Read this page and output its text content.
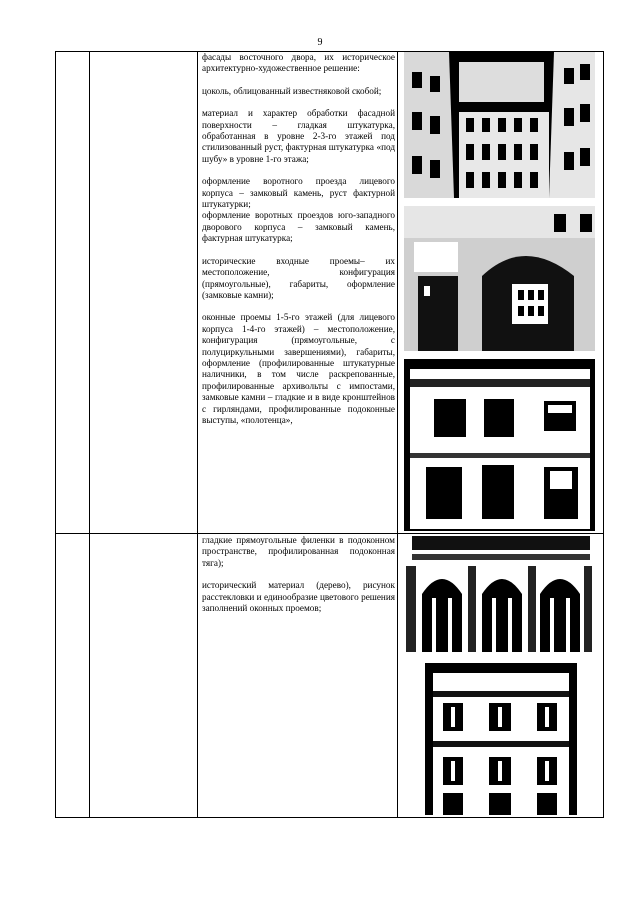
9

фасады восточного двора, их историческое архитектурно-художественное решение:

цоколь, облицованный известняковой скобой;

материал и характер обработки фасадной поверхности – гладкая штукатурка, обработанная в уровне 2-3-го этажей под стилизованный руст, фактурная штукатурка «под шубу» в уровне 1-го этажа;

оформление воротного проезда лицевого корпуса – замковый камень, руст фактурной штукатурки;

оформление воротных проездов юго-западного дворового корпуса – замковый камень, фактурная штукатурка;

исторические входные проемы– их местоположение, конфигурация (прямоугольные), габариты, оформление (замковые камни);

оконные проемы 1-5-го этажей (для лицевого корпуса 1-4-го этажей) – местоположение, конфигурация (прямоугольные, с полуциркульными завершениями), габариты, оформление (профилированные штукатурные наличники, в том числе раскрепованные, профилированные архивольты с импостами, замковые камни – гладкие и в виде кронштейнов с гирляндами, профилированные подоконные выступы, «полотенца»,

гладкие прямоугольные филенки в подоконном пространстве, профилированная подоконная тяга);

исторический материал (дерево), рисунок расстекловки и единообразие цветового решения заполнений оконных проемов;
